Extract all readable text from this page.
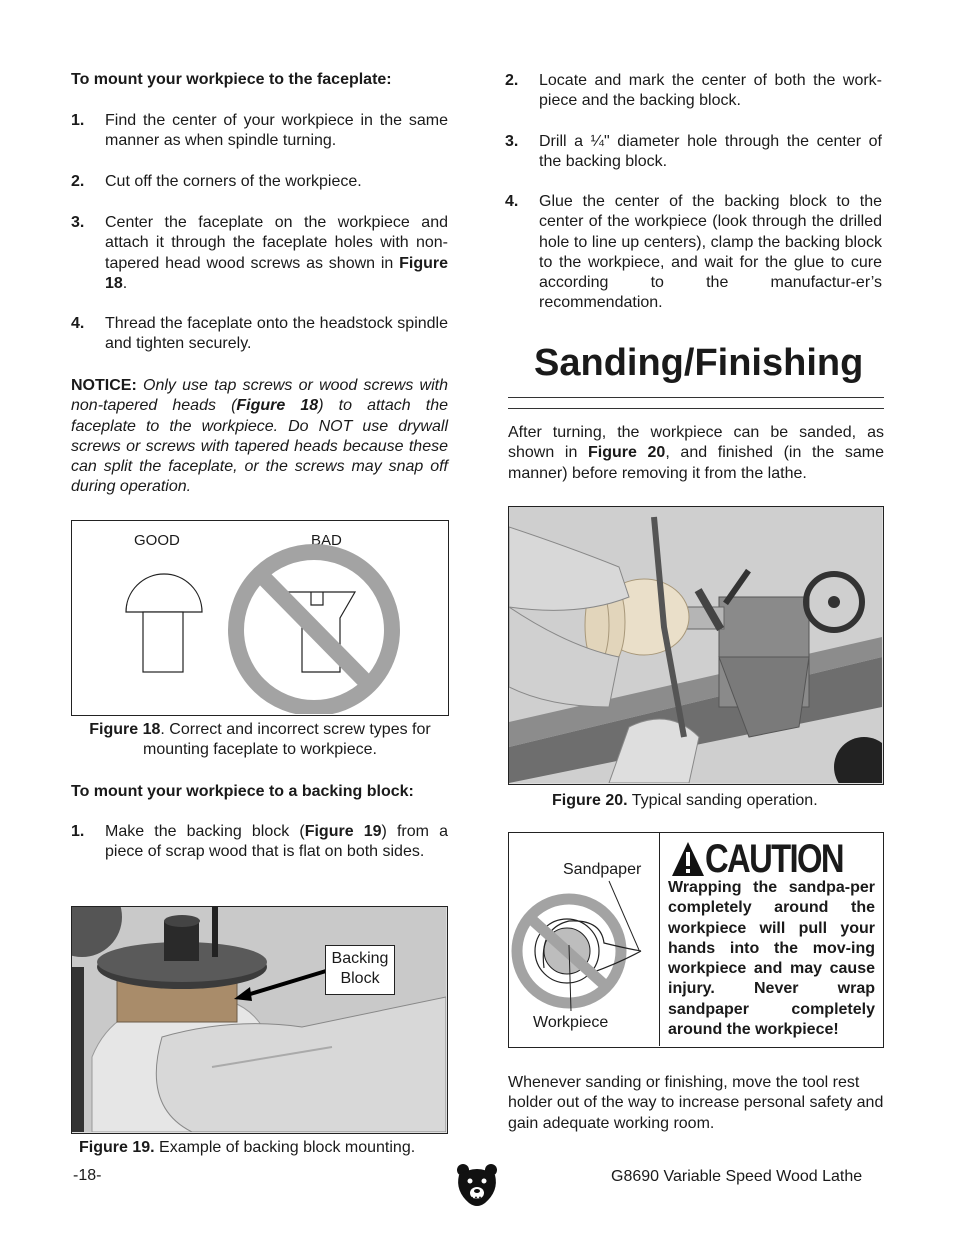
To mount your workpiece to the faceplate:
1. Find the center of your workpiece in the same manner as when spindle turning.
2. Cut off the corners of the workpiece.
3. Center the faceplate on the workpiece and attach it through the faceplate holes with non-tapered head wood screws as shown in Figure 18.
4. Thread the faceplate onto the headstock spindle and tighten securely.
NOTICE: Only use tap screws or wood screws with non-tapered heads (Figure 18) to attach the faceplate to the workpiece. Do NOT use drywall screws or screws with tapered heads because these can split the faceplate, or the screws may snap off during operation.
GOOD	BAD
Figure 18. Correct and incorrect screw types for mounting faceplate to workpiece.
To mount your workpiece to a backing block:
1. Make the backing block (Figure 19) from a piece of scrap wood that is flat on both sides.
Backing
Block
Figure 19. Example of backing block mounting.
2. Locate and mark the center of both the work-piece and the backing block.
3. Drill a ¼" diameter hole through the center of the backing block.
4. Glue the center of the backing block to the center of the workpiece (look through the drilled hole to line up centers), clamp the backing block to the workpiece, and wait for the glue to cure according to the manufactur-er’s recommendation.
Sanding/Finishing
After turning, the workpiece can be sanded, as shown in Figure 20, and finished (in the same manner) before removing it from the lathe.
Figure 20. Typical sanding operation.
Sandpaper
Workpiece
CAUTION
Wrapping the sandpa-per completely around the workpiece will pull your hands into the mov-ing workpiece and may cause injury. Never wrap sandpaper completely around the workpiece!
Whenever sanding or finishing, move the tool rest holder out of the way to increase personal safety and gain adequate working room.
-18-	G8690 Variable Speed Wood Lathe
